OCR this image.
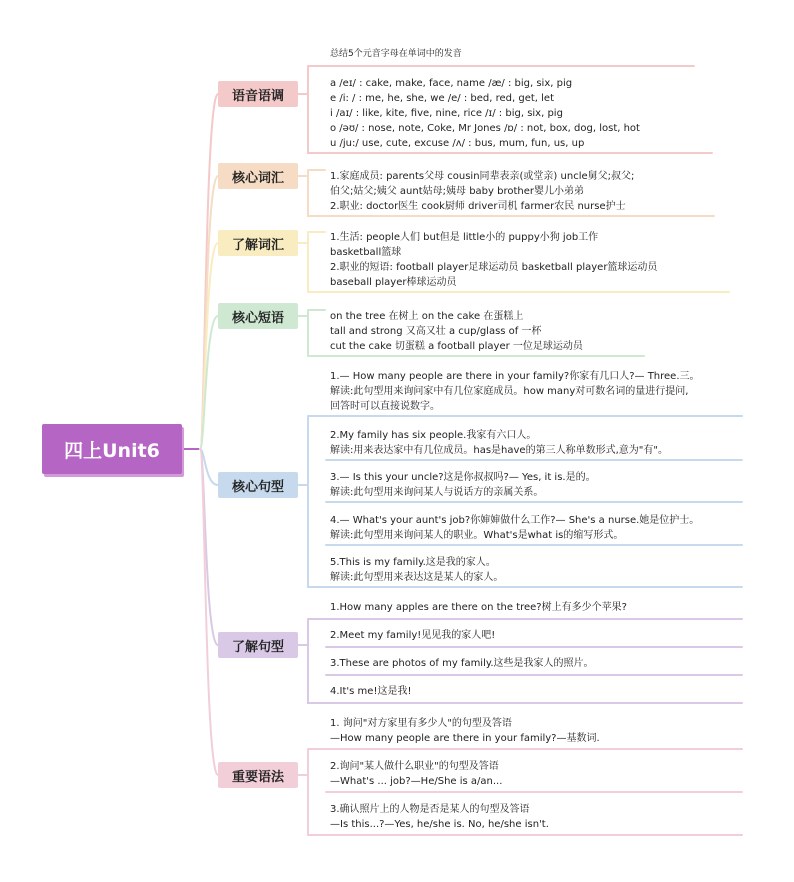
四上Unit6
语音语调
核心词汇
了解词汇
核心短语
核心句型
了解句型
重要语法
总结5个元音字母在单词中的发音
a /eɪ/ : cake, make, face, name /æ/ : big, six, pig
e /i: / : me, he, she, we /e/ : bed, red, get, let
i /aɪ/ : like, kite, five, nine, rice /ɪ/ : big, six, pig
o /əʊ/ : nose, note, Coke, Mr Jones /ɒ/ : not, box, dog, lost, hot
u /ju:/ use, cute, excuse /ʌ/ : bus, mum, fun, us, up
1.家庭成员: parents父母 cousin同辈表亲(或堂亲) uncle舅父;叔父;
伯父;姑父;姨父 aunt姑母;姨母 baby brother婴儿小弟弟
2.职业: doctor医生 cook厨师 driver司机 farmer农民 nurse护士
1.生活: people人们 but但是 little小的 puppy小狗 job工作
basketball篮球
2.职业的短语: football player足球运动员 basketball player篮球运动员
baseball player棒球运动员
on the tree 在树上 on the cake 在蛋糕上
tall and strong 又高又壮 a cup/glass of 一杯
cut the cake 切蛋糕 a football player 一位足球运动员
1.— How many people are there in your family?你家有几口人?— Three.三。
解读:此句型用来询问家中有几位家庭成员。how many对可数名词的量进行提问,
回答时可以直接说数字。
2.My family has six people.我家有六口人。
解读:用来表达家中有几位成员。has是have的第三人称单数形式,意为"有"。
3.— Is this your uncle?这是你叔叔吗?— Yes, it is.是的。
解读:此句型用来询问某人与说话方的亲属关系。
4.— What's your aunt's job?你婶婶做什么工作?— She's a nurse.她是位护士。
解读:此句型用来询问某人的职业。What's是what is的缩写形式。
5.This is my family.这是我的家人。
解读:此句型用来表达这是某人的家人。
1.How many apples are there on the tree?树上有多少个苹果?
2.Meet my family!见见我的家人吧!
3.These are photos of my family.这些是我家人的照片。
4.It's me!这是我!
1. 询问"对方家里有多少人"的句型及答语
—How many people are there in your family?—基数词.
2.询问"某人做什么职业"的句型及答语
—What's ... job?—He/She is a/an...
3.确认照片上的人物是否是某人的句型及答语
—Is this...?—Yes, he/she is. No, he/she isn't.
